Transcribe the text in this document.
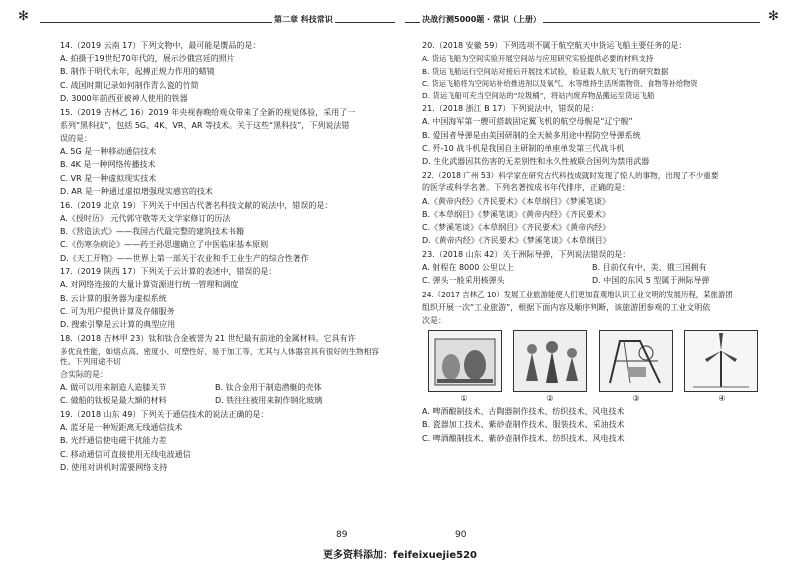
✻	第二章 科技常识

14.（2019 云南 17）下列文物中，最可能是赝品的是：

A. 拍摄于19世纪70年代的，展示沙俄宫廷的照片

B. 制作于明代永年，起搏正规力作用的蜡镜

C. 战国时期记录如何制作青么瓷的竹简

D. 3000年前西亚被神人使用的铁器

15.（2019 吉林乙 16）2019 年央视春晚给观众带来了全新的视觉体验，采用了一

系列“黑科技”，包括 5G、4K、VR、AR 等技术。关于这些“黑科技”，下列说法错

误的是：

A. 5G 是一种移动通信技术

B. 4K 是一种网络传播技术

C. VR 是一种虚拟现实技术

D. AR 是一种通过虚拟增强现实感官的技术

16.（2019 北京 19）下列关于中国古代著名科技文献的说法中，错误的是：

A.《授时历》 元代郭守敬等天文学家修订的历法

B.《营造法式》——我国古代最完整的建筑技术书籍

C.《伤寒杂病论》——药王孙思邈确立了中医临床基本原则

D.《天工开物》——世界上第一部关于农业和手工业生产的综合性著作

17.（2019 陕西 17）下列关于云计算的表述中，错误的是：

A. 对网络连接的大量计算资源进行统一管理和调度

B. 云计算的服务器为虚拟系统

C. 可为用户提供计算及存储服务

D. 搜索引擎是云计算的典型应用

18.（2018 吉林甲 23）钛和钛合金被誉为 21 世纪最有前途的金属材料。它具有许

多优良性能，如熔点高、密度小、可塑性好、易于加工等，尤其与人体器官具有很好的生物相容性。下列用途不切

合实际的是：

A. 做可以用来制造人造膝关节	B. 钛合金用于制造潜艇的壳体

C. 做船的钛板是最大額的材料	D. 铁往往被用来制作钢化玻璃

19.（2018 山东 49）下列关于通信技术的说法正确的是：

A. 蓝牙是一种短距离无线通信技术

B. 光纤通信使电磁干扰能力差

C. 移动通信可直接使用无线电波通信

D. 使用对讲机时需要网络支持

89
决战行测5000题 · 常识（上册）	✻

20.（2018 安徽 59）下列选项不属于航空航天中货运飞船主要任务的是：

A. 货运飞船为空间实验开展空间站与应用研究实验提供必要的材料支持

B. 货运飞船运行空间站对接后开展技术试验，验证载人航天飞行的研究数据

C. 货运飞船将为空间站补给推进剂以及氧气、水等维持生活所需物资、食物等补给物资

D. 货运飞船可充当空间站的“垃圾桶”，将站内废弃物品搬运至货运飞船

21.（2018 浙江 B 17）下列说法中，错误的是：

A. 中国海军第一艘可搭载固定翼飞机的航空母舰是“辽宁舰”

B. 爱国者导弹是由美国研制的全天候多用途中程防空导弹系统

C. 歼-10 战斗机是我国自主研制的单座单发第三代战斗机

D. 生化武器因其伤害的无差别性和永久性被联合国列为禁用武器

22.（2018 广州 53）科学家在研究古代科技成就时发现了惊人的事物，出现了不少重要

的医学或科学名著。下列名著按成书年代排序，正确的是：

A.《黄帝内经》《齐民要术》《本草纲目》《梦溪笔谈》

B.《本草纲目》《梦溪笔谈》《黄帝内经》《齐民要术》

C.《梦溪笔谈》《本草纲目》《齐民要术》《黄帝内经》

D.《黄帝内经》《齐民要术》《梦溪笔谈》《本草纲目》

23.（2018 山东 42）关于洲际导弹，下列说法错误的是：

A. 射程在 8000 公里以上	B. 目前仅有中、美、俄三国拥有

C. 弹头一般采用核弹头	D. 中国的东风 5 型属于洲际导弹

24.（2017 吉林乙 10）发展工业旅游能使人们更加直观地认识工业文明的发展历程，某旅游团

组织开展一次“工业旅游”，根据下面内容及顺序判断，该旅游团参观的工业文明依

次是：

①	②	③	④

A. 啤酒酿制技术、古陶器制作技术、纺织技术、风电技术

B. 瓷器加工技术、紫砂壶制作技术、服装技术、采油技术

C. 啤酒酿制技术、紫砂壶制作技术、纺织技术、风电技术

90
更多资料添加：feifeixuejie520
